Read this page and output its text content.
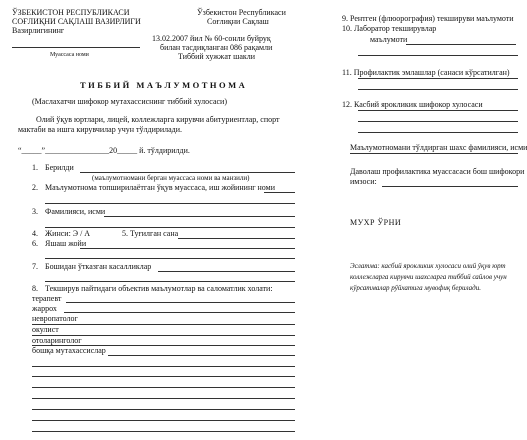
ЎЗБЕКИСТОН РЕСПУБЛИКАСИ
СОҒЛИҚНИ САҚЛАШ ВАЗИРЛИГИ
Вазирлигининг
Муассаса номи
Ўзбекистон Республикаси
Соғлиқни Сақлаш
13.02.2007 йил № 60-сонли буйруқ
билан тасдиқланган 086 рақамли
Тиббий хужжат шакли
ТИББИЙ МАЪЛУМОТНОМА
(Маслахатчи шифокор мутахассиснинг тиббий хулосаси)
Олий ўқув юртлари, лицей, коллежларга кирувчи абитуриентлар, спорт
мактаби ва ишга кирувчилар учун тўлдирилади.
“_____”________________20_____ й. тўлдирилди.
1. Берилди
(маълумотномани берган муассаса номи ва манзили)
2. Маълумотнома топширилаётган ўқув муассаса, иш жойининг номи
3. Фамилияси, исми
4. Жинси: Э / А	5. Туғилган сана
6. Яшаш жойи
7. Бошидан ўтказган касалликлар
8. Текширув пайтидаги объектив маълумотлар ва саломатлик холати:
терапевт
жаррох
невропатолог
окулист
отоларинголог
бошқа мутахассислар
9. Рентген (флюорография) текшируви маълумоти
10. Лаборатор текширувлар
маълумоти
11. Профилактик эмлашлар (санаси кўрсатилган)
12. Касбий ярокликик шифокор хулосаси
Маълумотномани тўлдирган шахс фамилияси, исми
Даволаш профилактика муассасаси бош шифокори
имзоси:
МУХР ЎРНИ
Эслатма: касбий ярокликик хулосаси олий ўқув юрт
коллежларга кирувчи шахсларга тиббий сайлов учун
кўрсатмалар рўйхатига мувофиқ берилади.
